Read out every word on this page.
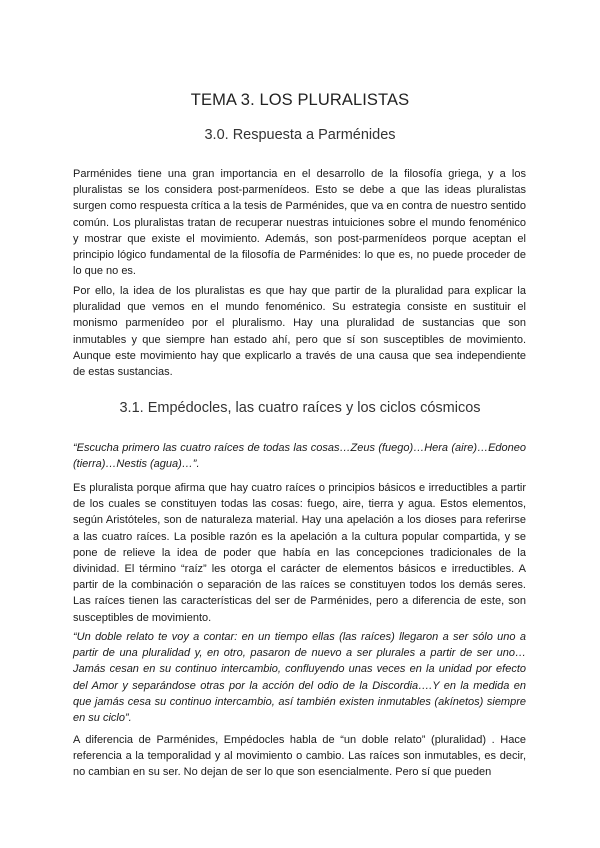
TEMA 3. LOS PLURALISTAS
3.0. Respuesta a Parménides

Parménides tiene una gran importancia en el desarrollo de la filosofía griega, y a los pluralistas se los considera post-parmenídeos. Esto se debe a que las ideas pluralistas surgen como respuesta crítica a la tesis de Parménides, que va en contra de nuestro sentido común. Los pluralistas tratan de recuperar nuestras intuiciones sobre el mundo fenoménico y mostrar que existe el movimiento. Además, son post-parmenídeos porque aceptan el principio lógico fundamental de la filosofía de Parménides: lo que es, no puede proceder de lo que no es.

Por ello, la idea de los pluralistas es que hay que partir de la pluralidad para explicar la pluralidad que vemos en el mundo fenoménico. Su estrategia consiste en sustituir el monismo parmenídeo por el pluralismo. Hay una pluralidad de sustancias que son inmutables y que siempre han estado ahí, pero que sí son susceptibles de movimiento. Aunque este movimiento hay que explicarlo a través de una causa que sea independiente de estas sustancias.

3.1. Empédocles, las cuatro raíces y los ciclos cósmicos

“Escucha primero las cuatro raíces de todas las cosas…Zeus (fuego)…Hera (aire)…Edoneo (tierra)…Nestis (agua)…”.

Es pluralista porque afirma que hay cuatro raíces o principios básicos e irreductibles a partir de los cuales se constituyen todas las cosas: fuego, aire, tierra y agua. Estos elementos, según Aristóteles, son de naturaleza material. Hay una apelación a los dioses para referirse a las cuatro raíces. La posible razón es la apelación a la cultura popular compartida, y se pone de relieve la idea de poder que había en las concepciones tradicionales de la divinidad. El término “raíz” les otorga el carácter de elementos básicos e irreductibles. A partir de la combinación o separación de las raíces se constituyen todos los demás seres. Las raíces tienen las características del ser de Parménides, pero a diferencia de este, son susceptibles de movimiento.

“Un doble relato te voy a contar: en un tiempo ellas (las raíces) llegaron a ser sólo uno a partir de una pluralidad y, en otro, pasaron de nuevo a ser plurales a partir de ser uno…Jamás cesan en su continuo intercambio, confluyendo unas veces en la unidad por efecto del Amor y separándose otras por la acción del odio de la Discordia….Y en la medida en que jamás cesa su continuo intercambio, así también existen inmutables (akínetos) siempre en su ciclo”.

A diferencia de Parménides, Empédocles habla de “un doble relato” (pluralidad) . Hace referencia a la temporalidad y al movimiento o cambio. Las raíces son inmutables, es decir, no cambian en su ser. No dejan de ser lo que son esencialmente. Pero sí que pueden
